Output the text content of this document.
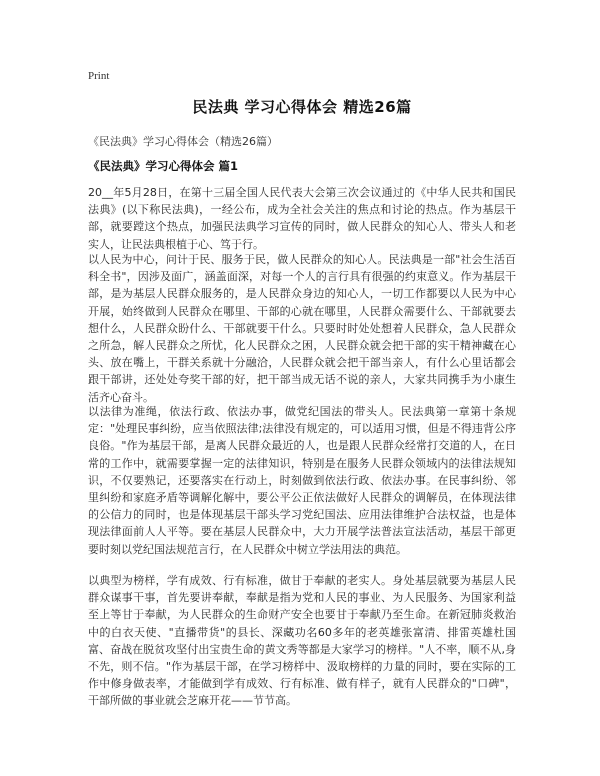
Print
民法典 学习心得体会 精选26篇
《民法典》学习心得体会（精选26篇）
《民法典》学习心得体会 篇1

20__年5月28日，在第十三届全国人民代表大会第三次会议通过的《中华人民共和国民法典》(以下称民法典)，一经公布，成为全社会关注的焦点和讨论的热点。作为基层干部，就要蹚这个热点，加强民法典学习宣传的同时，做人民群众的知心人、带头人和老实人，让民法典根植于心、笃于行。

以人民为中心，问计于民、服务于民，做人民群众的知心人。民法典是一部"社会生活百科全书"，因涉及面广，涵盖面深，对每一个人的言行具有很强的约束意义。作为基层干部，是为基层人民群众服务的，是人民群众身边的知心人，一切工作都要以人民为中心开展，始终做到人民群众在哪里、干部的心就在哪里，人民群众需要什么、干部就要去想什么，人民群众盼什么、干部就要干什么。只要时时处处想着人民群众，急人民群众之所急，解人民群众之所忧，化人民群众之困，人民群众就会把干部的实干精神藏在心头、放在嘴上，干群关系就十分融洽，人民群众就会把干部当亲人，有什么心里话都会跟干部讲，还处处夸奖干部的好，把干部当成无话不说的亲人，大家共同携手为小康生活齐心奋斗。

以法律为准绳，依法行政、依法办事，做党纪国法的带头人。民法典第一章第十条规定："处理民事纠纷，应当依照法律;法律没有规定的，可以适用习惯，但是不得违背公序良俗。"作为基层干部，是离人民群众最近的人，也是跟人民群众经常打交道的人，在日常的工作中，就需要掌握一定的法律知识，特别是在服务人民群众领域内的法律法规知识，不仅要熟记，还要落实在行动上，时刻做到依法行政、依法办事。在民事纠纷、邻里纠纷和家庭矛盾等调解化解中，要公平公正依法做好人民群众的调解员，在体现法律的公信力的同时，也是体现基层干部头学习党纪国法、应用法律维护合法权益，也是体现法律面前人人平等。要在基层人民群众中，大力开展学法普法宣法活动，基层干部更要时刻以党纪国法规范言行，在人民群众中树立学法用法的典范。

以典型为榜样，学有成效、行有标准，做甘于奉献的老实人。身处基层就要为基层人民群众谋事干事，首先要讲奉献，奉献是指为党和人民的事业、为人民服务、为国家利益至上等甘于奉献，为人民群众的生命财产安全也要甘于奉献乃至生命。在新冠肺炎救治中的白衣天使、"直播带货"的县长、深藏功名60多年的老英雄张富清、排雷英雄杜国富、奋战在脱贫攻坚付出宝贵生命的黄文秀等都是大家学习的榜样。"人不率，顺不从,身不先，则不信。"作为基层干部，在学习榜样中、汲取榜样的力量的同时，要在实际的工作中修身做表率，才能做到学有成效、行有标准、做有样子，就有人民群众的"口碑"，干部所做的事业就会芝麻开花——节节高。
